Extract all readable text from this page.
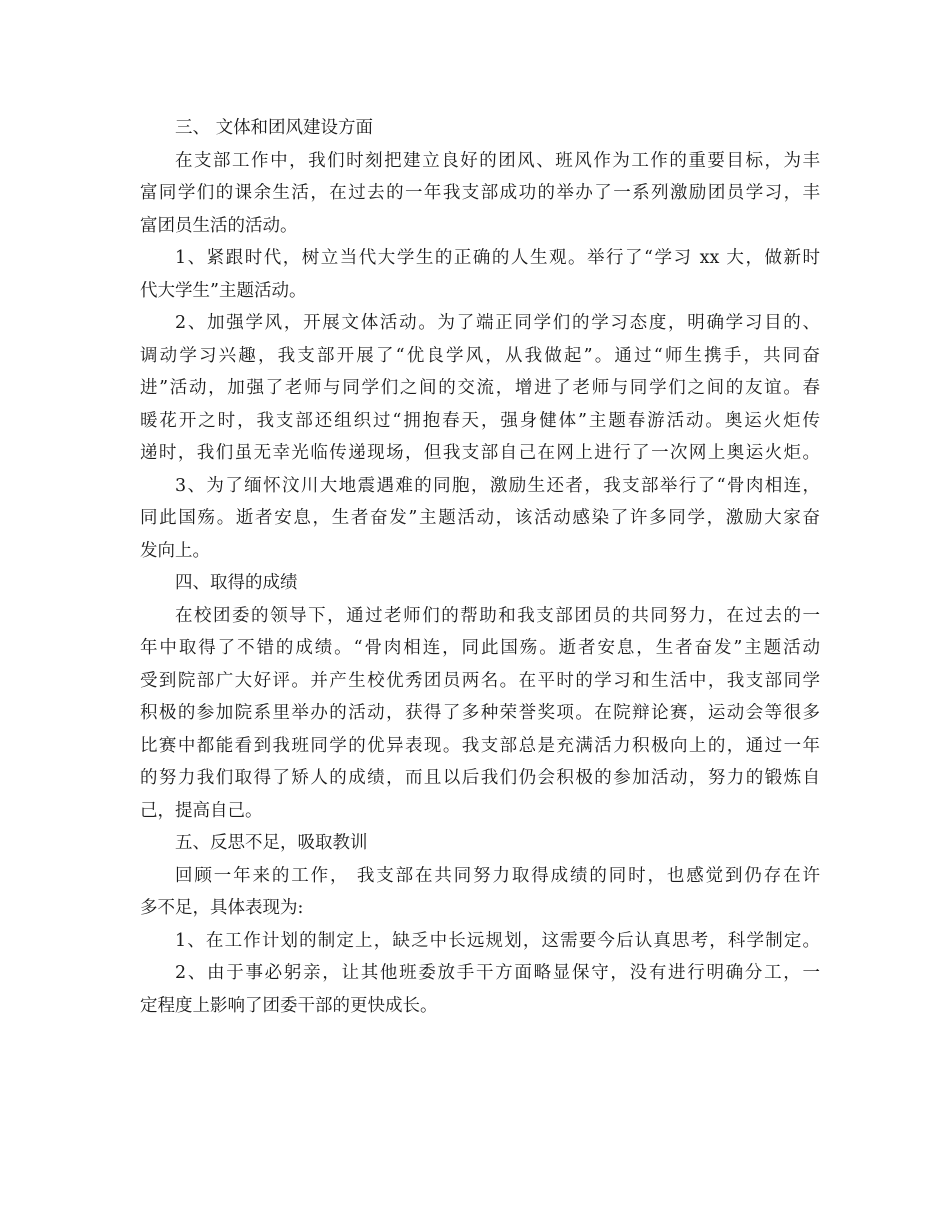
三、 文体和团风建设方面
在支部工作中，我们时刻把建立良好的团风、班风作为工作的重要目标，为丰
富同学们的课余生活，在过去的一年我支部成功的举办了一系列激励团员学习，丰
富团员生活的活动。
1、紧跟时代，树立当代大学生的正确的人生观。举行了“学习 xx 大，做新时
代大学生”主题活动。
2、加强学风，开展文体活动。为了端正同学们的学习态度，明确学习目的、
调动学习兴趣，我支部开展了“优良学风，从我做起”。通过“师生携手，共同奋
进”活动，加强了老师与同学们之间的交流，增进了老师与同学们之间的友谊。春
暖花开之时，我支部还组织过“拥抱春天，强身健体”主题春游活动。奥运火炬传
递时，我们虽无幸光临传递现场，但我支部自己在网上进行了一次网上奥运火炬。
3、为了缅怀汶川大地震遇难的同胞，激励生还者，我支部举行了“骨肉相连，
同此国殇。逝者安息，生者奋发”主题活动，该活动感染了许多同学，激励大家奋
发向上。
四、取得的成绩
在校团委的领导下，通过老师们的帮助和我支部团员的共同努力，在过去的一
年中取得了不错的成绩。“骨肉相连，同此国殇。逝者安息，生者奋发”主题活动
受到院部广大好评。并产生校优秀团员两名。在平时的学习和生活中，我支部同学
积极的参加院系里举办的活动，获得了多种荣誉奖项。在院辩论赛，运动会等很多
比赛中都能看到我班同学的优异表现。我支部总是充满活力积极向上的，通过一年
的努力我们取得了矫人的成绩，而且以后我们仍会积极的参加活动，努力的锻炼自
己，提高自己。
五、反思不足，吸取教训
回顾一年来的工作， 我支部在共同努力取得成绩的同时，也感觉到仍存在许
多不足，具体表现为:
1、在工作计划的制定上，缺乏中长远规划，这需要今后认真思考，科学制定。
2、由于事必躬亲，让其他班委放手干方面略显保守，没有进行明确分工，一
定程度上影响了团委干部的更快成长。
